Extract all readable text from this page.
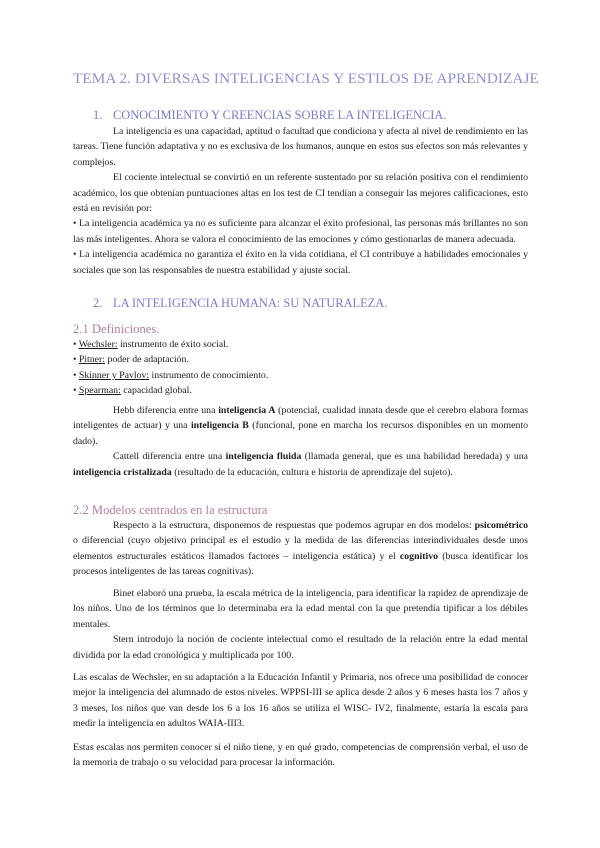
TEMA 2. DIVERSAS INTELIGENCIAS Y ESTILOS DE APRENDIZAJE
1. CONOCIMIENTO Y CREENCIAS SOBRE LA INTELIGENCIA.

La inteligencia es una capacidad, aptitud o facultad que condiciona y afecta al nivel de rendimiento en las tareas. Tiene función adaptativa y no es exclusiva de los humanos, aunque en estos sus efectos son más relevantes y complejos.

El cociente intelectual se convirtió en un referente sustentado por su relación positiva con el rendimiento académico, los que obtenían puntuaciones altas en los test de CI tendían a conseguir las mejores calificaciones, esto está en revisión por:

• La inteligencia académica ya no es suficiente para alcanzar el éxito profesional, las personas más brillantes no son las más inteligentes. Ahora se valora el conocimiento de las emociones y cómo gestionarlas de manera adecuada.

• La inteligencia académica no garantiza el éxito en la vida cotidiana, el CI contribuye a habilidades emocionales y sociales que son las responsables de nuestra estabilidad y ajuste social.

2. LA INTELIGENCIA HUMANA: SU NATURALEZA.
2.1 Definiciones.
• Wechsler: instrumento de éxito social.
• Pitner: poder de adaptación.
• Skinner y Pavlov: instrumento de conocimiento.
• Spearman: capacidad global.

Hebb diferencia entre una inteligencia A (potencial, cualidad innata desde que el cerebro elabora formas inteligentes de actuar) y una inteligencia B (funcional, pone en marcha los recursos disponibles en un momento dado).

Cattell diferencia entre una inteligencia fluida (llamada general, que es una habilidad heredada) y una inteligencia cristalizada (resultado de la educación, cultura e historia de aprendizaje del sujeto).

2.2 Modelos centrados en la estructura

Respecto a la estructura, disponemos de respuestas que podemos agrupar en dos modelos: psicométrico o diferencial (cuyo objetivo principal es el estudio y la medida de las diferencias interindividuales desde unos elementos estructurales estáticos llamados factores – inteligencia estática) y el cognitivo (busca identificar los procesos inteligentes de las tareas cognitivas).

Binet elaboró una prueba, la escala métrica de la inteligencia, para identificar la rapidez de aprendizaje de los niños. Uno de los términos que lo determinaba era la edad mental con la que pretendía tipificar a los débiles mentales.

Stern introdujo la noción de cociente intelectual como el resultado de la relación entre la edad mental dividida por la edad cronológica y multiplicada por 100.

Las escalas de Wechsler, en su adaptación a la Educación Infantil y Primaria, nos ofrece una posibilidad de conocer mejor la inteligencia del alumnado de estos niveles. WPPSI-III se aplica desde 2 años y 6 meses hasta los 7 años y 3 meses, los niños que van desde los 6 a los 16 años se utiliza el WISC- IV2, finalmente, estaría la escala para medir la inteligencia en adultos WAIA-III3.

Estas escalas nos permiten conocer si el niño tiene, y en qué grado, competencias de comprensión verbal, el uso de la memoria de trabajo o su velocidad para procesar la información.
